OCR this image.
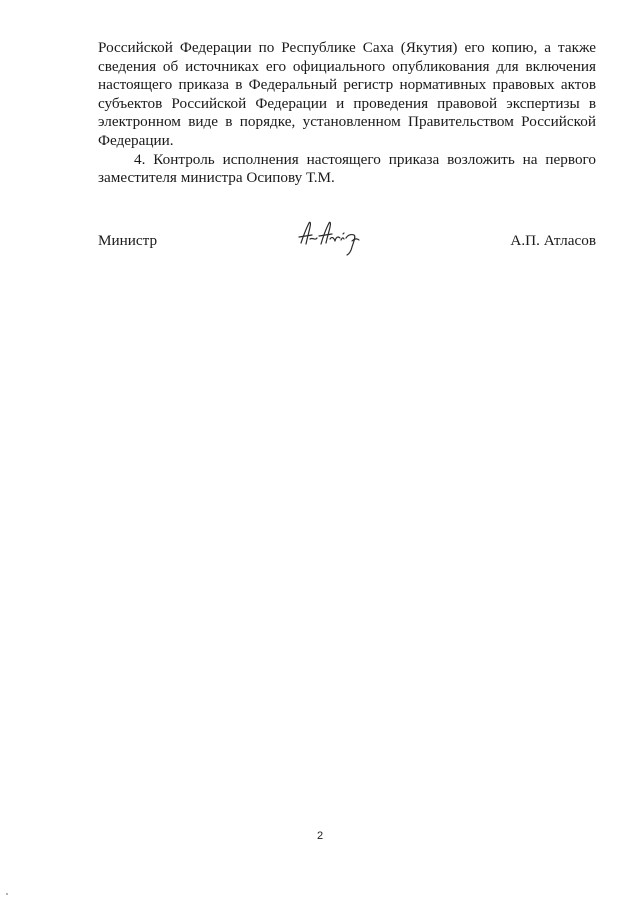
Российской Федерации по Республике Саха (Якутия) его копию, а также сведения об источниках его официального опубликования для включения настоящего приказа в Федеральный регистр нормативных правовых актов субъектов Российской Федерации и проведения правовой экспертизы в электронном виде в порядке, установленном Правительством Российской Федерации.

4. Контроль исполнения настоящего приказа возложить на первого заместителя министра Осипову Т.М.

Министр	А.П. Атласов
2
